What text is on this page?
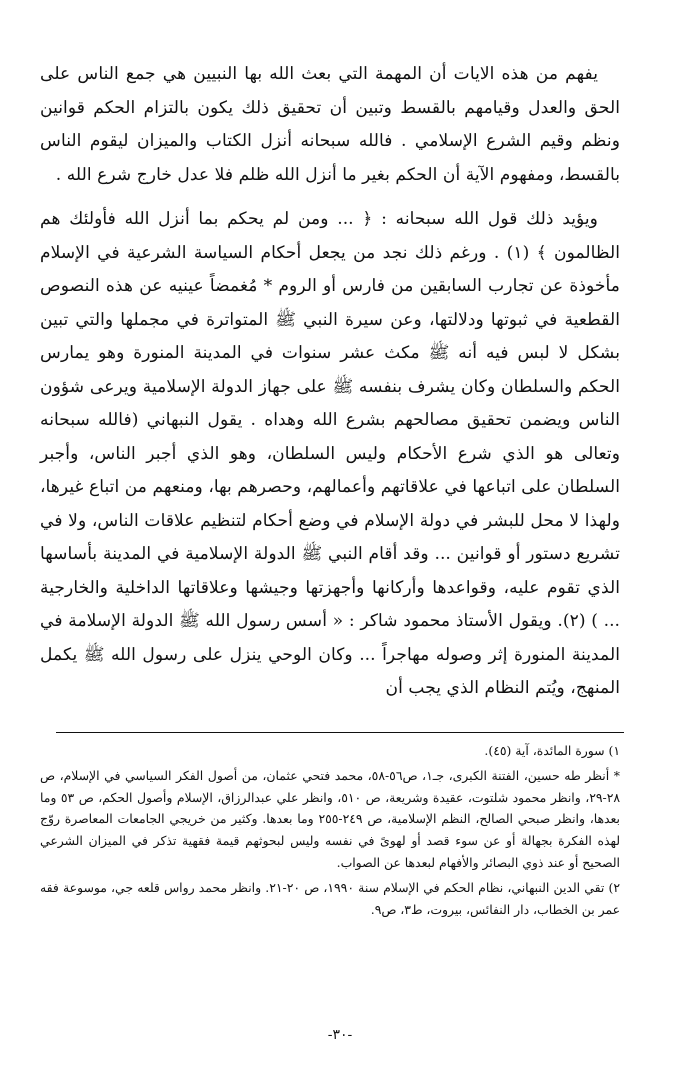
يفهم من هذه الايات أن المهمة التي بعث الله بها النبيين هي جمع الناس على الحق والعدل وقيامهم بالقسط وتبين أن تحقيق ذلك يكون بالتزام الحكم قوانين ونظم وقيم الشرع الإسلامي . فالله سبحانه أنزل الكتاب والميزان ليقوم الناس بالقسط، ومفهوم الآية أن الحكم بغير ما أنزل الله ظلم فلا عدل خارج شرع الله .

ويؤيد ذلك قول الله سبحانه : ﴿ ... ومن لم يحكم بما أنزل الله فأولئك هم الظالمون ﴾ (١) . ورغم ذلك نجد من يجعل أحكام السياسة الشرعية في الإسلام مأخوذة عن تجارب السابقين من فارس أو الروم * مُغمضاً عينيه عن هذه النصوص القطعية في ثبوتها ودلالتها، وعن سيرة النبي ﷺ المتواترة في مجملها والتي تبين بشكل لا لبس فيه أنه ﷺ مكث عشر سنوات في المدينة المنورة وهو يمارس الحكم والسلطان وكان يشرف بنفسه ﷺ على جهاز الدولة الإسلامية ويرعى شؤون الناس ويضمن تحقيق مصالحهم بشرع الله وهداه . يقول النبهاني (فالله سبحانه وتعالى هو الذي شرع الأحكام وليس السلطان، وهو الذي أجبر الناس، وأجبر السلطان على اتباعها في علاقاتهم وأعمالهم، وحصرهم بها، ومنعهم من اتباع غيرها، ولهذا لا محل للبشر في دولة الإسلام في وضع أحكام لتنظيم علاقات الناس، ولا في تشريع دستور أو قوانين ... وقد أقام النبي ﷺ الدولة الإسلامية في المدينة بأساسها الذي تقوم عليه، وقواعدها وأركانها وأجهزتها وجيشها وعلاقاتها الداخلية والخارجية ... ) (٢). ويقول الأستاذ محمود شاكر : « أسس رسول الله ﷺ الدولة الإسلامة في المدينة المنورة إثر وصوله مهاجراً ... وكان الوحي ينزل على رسول الله ﷺ يكمل المنهج، ويُتم النظام الذي يجب أن

١) سورة المائدة، آية (٤٥).

* أنظر طه حسين، الفتنة الكبرى، جـ١، ص٥٦-٥٨، محمد فتحي عثمان، من أصول الفكر السياسي في الإسلام، ص ٢٨-٢٩، وانظر محمود شلتوت، عقيدة وشريعة، ص ٥١٠، وانظر علي عبدالرزاق، الإسلام وأصول الحكم، ص ٥٣ وما بعدها، وانظر صبحي الصالح، النظم الإسلامية، ص ٢٤٩-٢٥٥ وما بعدها. وكثير من خريجي الجامعات المعاصرة روّج لهذه الفكرة بجهالة أو عن سوء قصد أو لهوىً في نفسه وليس لبحوثهم قيمة فقهية تذكر في الميزان الشرعي الصحيح أو عند ذوي البصائر والأفهام لبعدها عن الصواب.

٢) تقي الدين النبهاني، نظام الحكم في الإسلام سنة ١٩٩٠، ص ٢٠-٢١. وانظر محمد رواس قلعه جي، موسوعة فقه عمر بن الخطاب، دار النفائس، بيروت، ط٣، ص٩.

-٣٠-
